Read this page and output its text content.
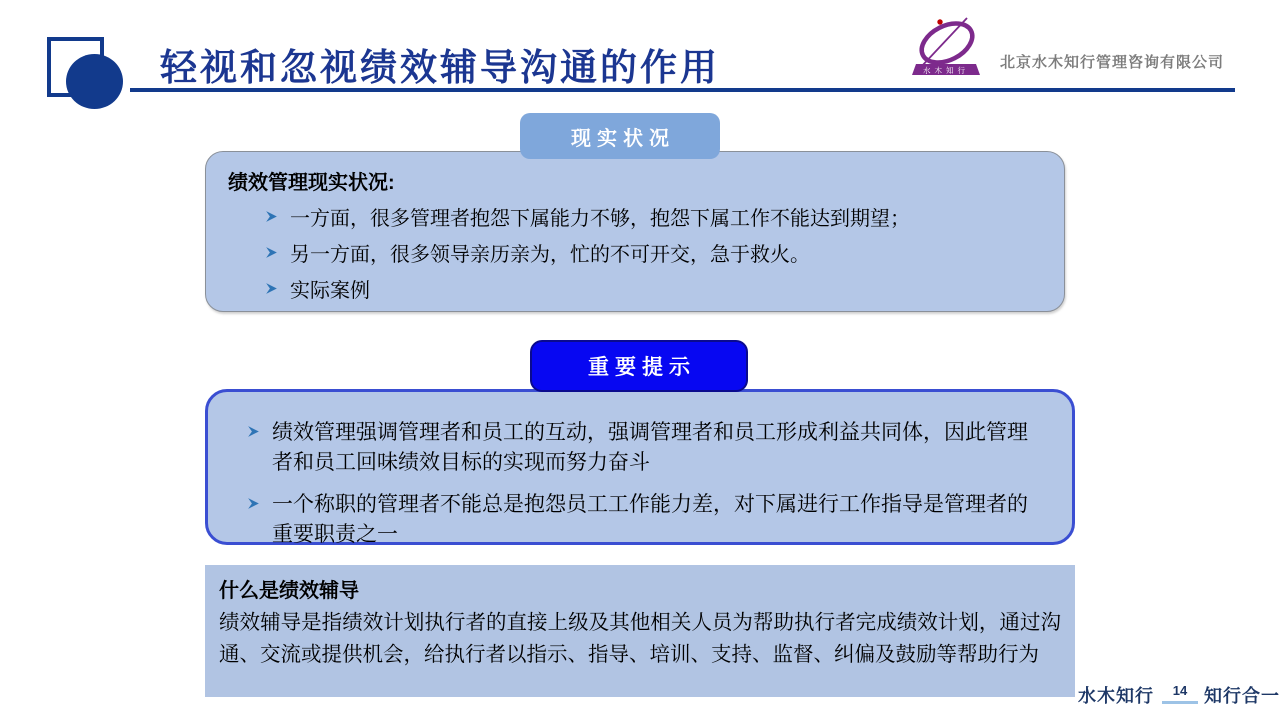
轻视和忽视绩效辅导沟通的作用	水木知行 北京水木知行管理咨询有限公司
现实状况
绩效管理现实状况:
一方面，很多管理者抱怨下属能力不够，抱怨下属工作不能达到期望；
另一方面，很多领导亲历亲为，忙的不可开交，急于救火。
实际案例
重要提示
绩效管理强调管理者和员工的互动，强调管理者和员工形成利益共同体，因此管理者和员工回味绩效目标的实现而努力奋斗
一个称职的管理者不能总是抱怨员工工作能力差，对下属进行工作指导是管理者的重要职责之一
什么是绩效辅导
绩效辅导是指绩效计划执行者的直接上级及其他相关人员为帮助执行者完成绩效计划，通过沟通、交流或提供机会，给执行者以指示、指导、培训、支持、监督、纠偏及鼓励等帮助行为
水木知行	14 知行合一
